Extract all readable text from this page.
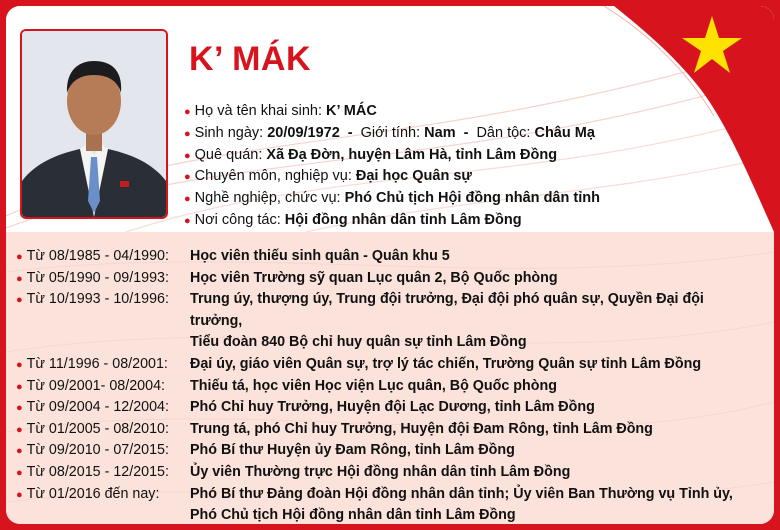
K’ MÁK
● Họ và tên khai sinh: K’ MÁC
● Sinh ngày: 20/09/1972 - Giới tính: Nam - Dân tộc: Châu Mạ
● Quê quán: Xã Đạ Đờn, huyện Lâm Hà, tỉnh Lâm Đồng
● Chuyên môn, nghiệp vụ: Đại học Quân sự
● Nghề nghiệp, chức vụ: Phó Chủ tịch Hội đồng nhân dân tỉnh
● Nơi công tác: Hội đồng nhân dân tỉnh Lâm Đồng
● Từ 08/1985 - 04/1990: Học viên thiếu sinh quân - Quân khu 5
● Từ 05/1990 - 09/1993: Học viên Trường sỹ quan Lục quân 2, Bộ Quốc phòng
● Từ 10/1993 - 10/1996: Trung úy, thượng úy, Trung đội trưởng, Đại đội phó quân sự, Quyền Đại đội trưởng,
Tiểu đoàn 840 Bộ chỉ huy quân sự tỉnh Lâm Đồng
● Từ 11/1996 - 08/2001: Đại úy, giáo viên Quân sự, trợ lý tác chiến, Trường Quân sự tỉnh Lâm Đồng
● Từ 09/2001- 08/2004: Thiếu tá, học viên Học viện Lục quân, Bộ Quốc phòng
● Từ 09/2004 - 12/2004: Phó Chỉ huy Trưởng, Huyện đội Lạc Dương, tỉnh Lâm Đồng
● Từ 01/2005 - 08/2010: Trung tá, phó Chỉ huy Trưởng, Huyện đội Đam Rông, tỉnh Lâm Đồng
● Từ 09/2010 - 07/2015: Phó Bí thư Huyện ủy Đam Rông, tỉnh Lâm Đồng
● Từ 08/2015 - 12/2015: Ủy viên Thường trực Hội đồng nhân dân tỉnh Lâm Đồng
● Từ 01/2016 đến nay: Phó Bí thư Đảng đoàn Hội đồng nhân dân tỉnh; Ủy viên Ban Thường vụ Tỉnh ủy,
Phó Chủ tịch Hội đồng nhân dân tỉnh Lâm Đồng
